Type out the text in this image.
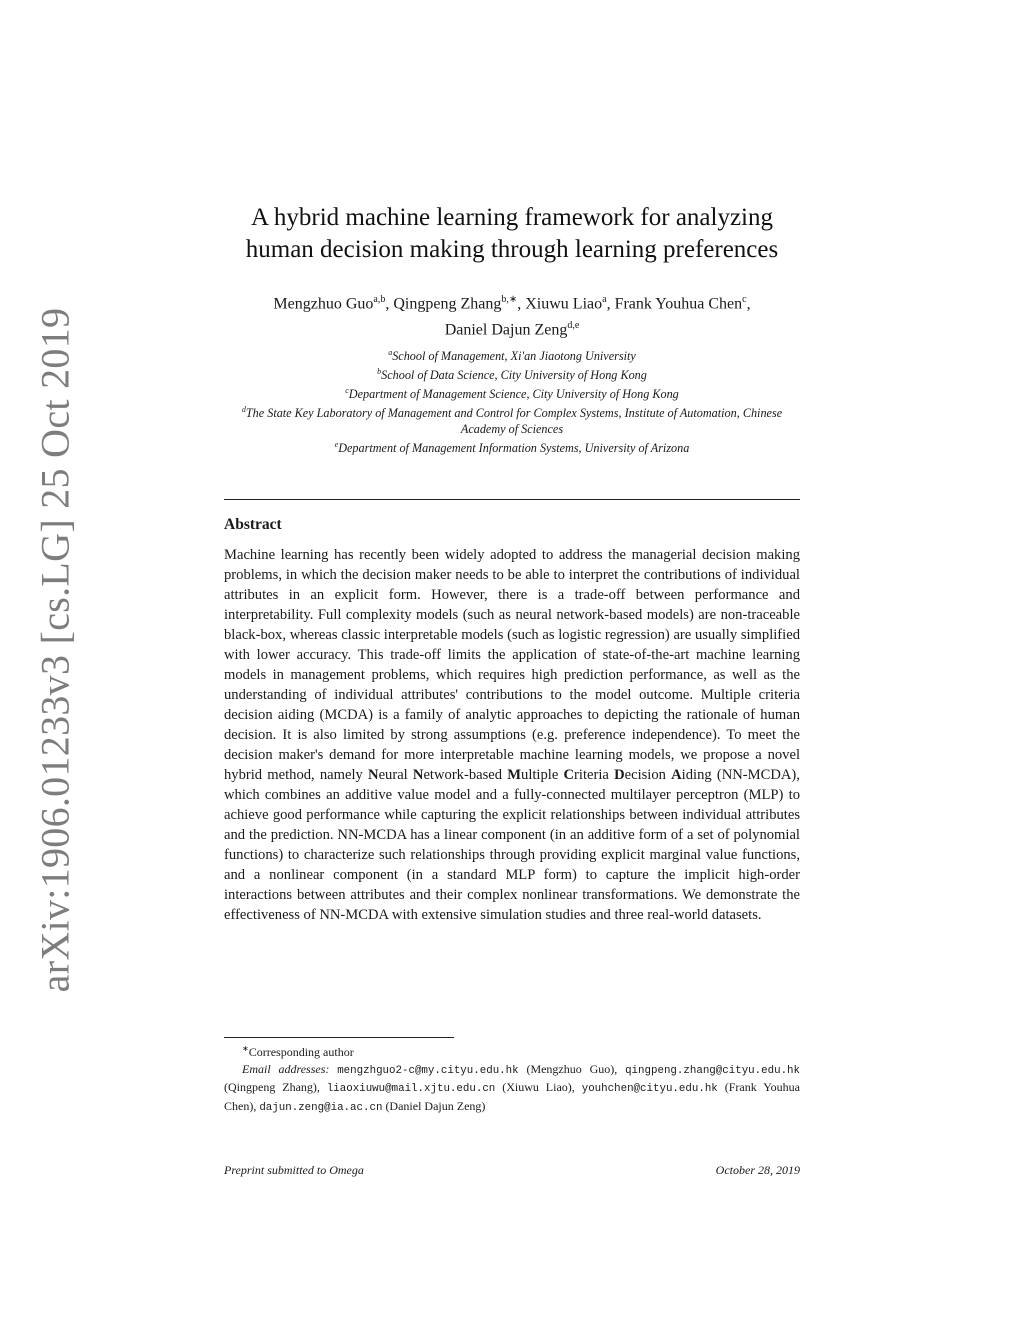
arXiv:1906.01233v3 [cs.LG] 25 Oct 2019
A hybrid machine learning framework for analyzing
human decision making through learning preferences
Mengzhuo Guo$^{a,b}$, Qingpeng Zhang$^{b,∗}$, Xiuwu Liao$^a$, Frank Youhua Chen$^c$,
Daniel Dajun Zeng$^{d,e}$
$^a$School of Management, Xi'an Jiaotong University
$^b$School of Data Science, City University of Hong Kong
$^c$Department of Management Science, City University of Hong Kong
$^d$The State Key Laboratory of Management and Control for Complex Systems, Institute of Automation, Chinese Academy of Sciences
$^e$Department of Management Information Systems, University of Arizona
Abstract
Machine learning has recently been widely adopted to address the managerial decision making problems, in which the decision maker needs to be able to interpret the contributions of individual attributes in an explicit form. However, there is a trade-off between performance and interpretability. Full complexity models (such as neural network-based models) are non-traceable black-box, whereas classic interpretable models (such as logistic regression) are usually simplified with lower accuracy. This trade-off limits the application of state-of-the-art machine learning models in management problems, which requires high prediction performance, as well as the understanding of individual attributes' contributions to the model outcome. Multiple criteria decision aiding (MCDA) is a family of analytic approaches to depicting the rationale of human decision. It is also limited by strong assumptions (e.g. preference independence). To meet the decision maker's demand for more interpretable machine learning models, we propose a novel hybrid method, namely Neural Network-based Multiple Criteria Decision Aiding (NN-MCDA), which combines an additive value model and a fully-connected multilayer perceptron (MLP) to achieve good performance while capturing the explicit relationships between individual attributes and the prediction. NN-MCDA has a linear component (in an additive form of a set of polynomial functions) to characterize such relationships through providing explicit marginal value functions, and a nonlinear component (in a standard MLP form) to capture the implicit high-order interactions between attributes and their complex nonlinear transformations. We demonstrate the effectiveness of NN-MCDA with extensive simulation studies and three real-world datasets.
∗Corresponding author
Email addresses: mengzhguo2-c@my.cityu.edu.hk (Mengzhuo Guo), qingpeng.zhang@cityu.edu.hk (Qingpeng Zhang), liaoxiuwu@mail.xjtu.edu.cn (Xiuwu Liao), youhchen@cityu.edu.hk (Frank Youhua Chen), dajun.zeng@ia.ac.cn (Daniel Dajun Zeng)
Preprint submitted to Omega	October 28, 2019
